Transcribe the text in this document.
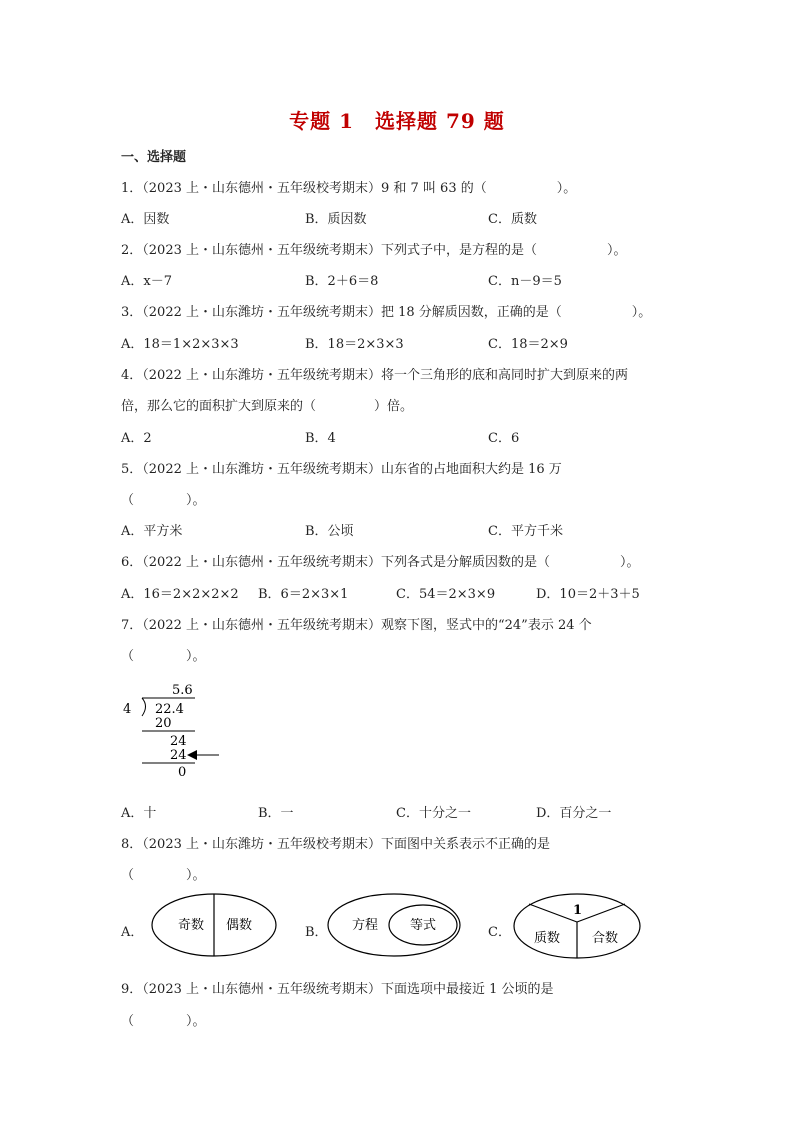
专题 1　选择题 79 题
一、选择题
1．（2023 上・山东德州・五年级校考期末）9 和 7 叫 63 的（	）。
A．因数	B．质因数	C．质数
2．（2023 上・山东德州・五年级统考期末）下列式子中，是方程的是（	）。
A．x－7	B．2＋6＝8	C．n－9＝5
3．（2022 上・山东潍坊・五年级统考期末）把 18 分解质因数，正确的是（	）。
A．18＝1×2×3×3	B．18＝2×3×3	C．18＝2×9
4．（2022 上・山东潍坊・五年级统考期末）将一个三角形的底和高同时扩大到原来的两
倍，那么它的面积扩大到原来的（	）倍。
A．2	B．4	C．6
5．（2022 上・山东潍坊・五年级统考期末）山东省的占地面积大约是 16 万
（　　　　）。
A．平方米	B．公顷	C．平方千米
6．（2022 上・山东德州・五年级统考期末）下列各式是分解质因数的是（	）。
A．16＝2×2×2×2 B．6＝2×3×1	C．54＝2×3×9	D．10＝2＋3＋5
7．（2022 上・山东德州・五年级统考期末）观察下图，竖式中的“24”表示 24 个
（　　　　）。
5.6
4 22.4
20
24
24
0
A．十	B．一	C．十分之一	D．百分之一
8．（2023 上・山东潍坊・五年级校考期末）下面图中关系表示不正确的是
（　　　　）。
A．	奇数 偶数	B． 方程 等式	C．
1
质数 合数
9．（2023 上・山东德州・五年级统考期末）下面选项中最接近 1 公顷的是
（　　　　）。
